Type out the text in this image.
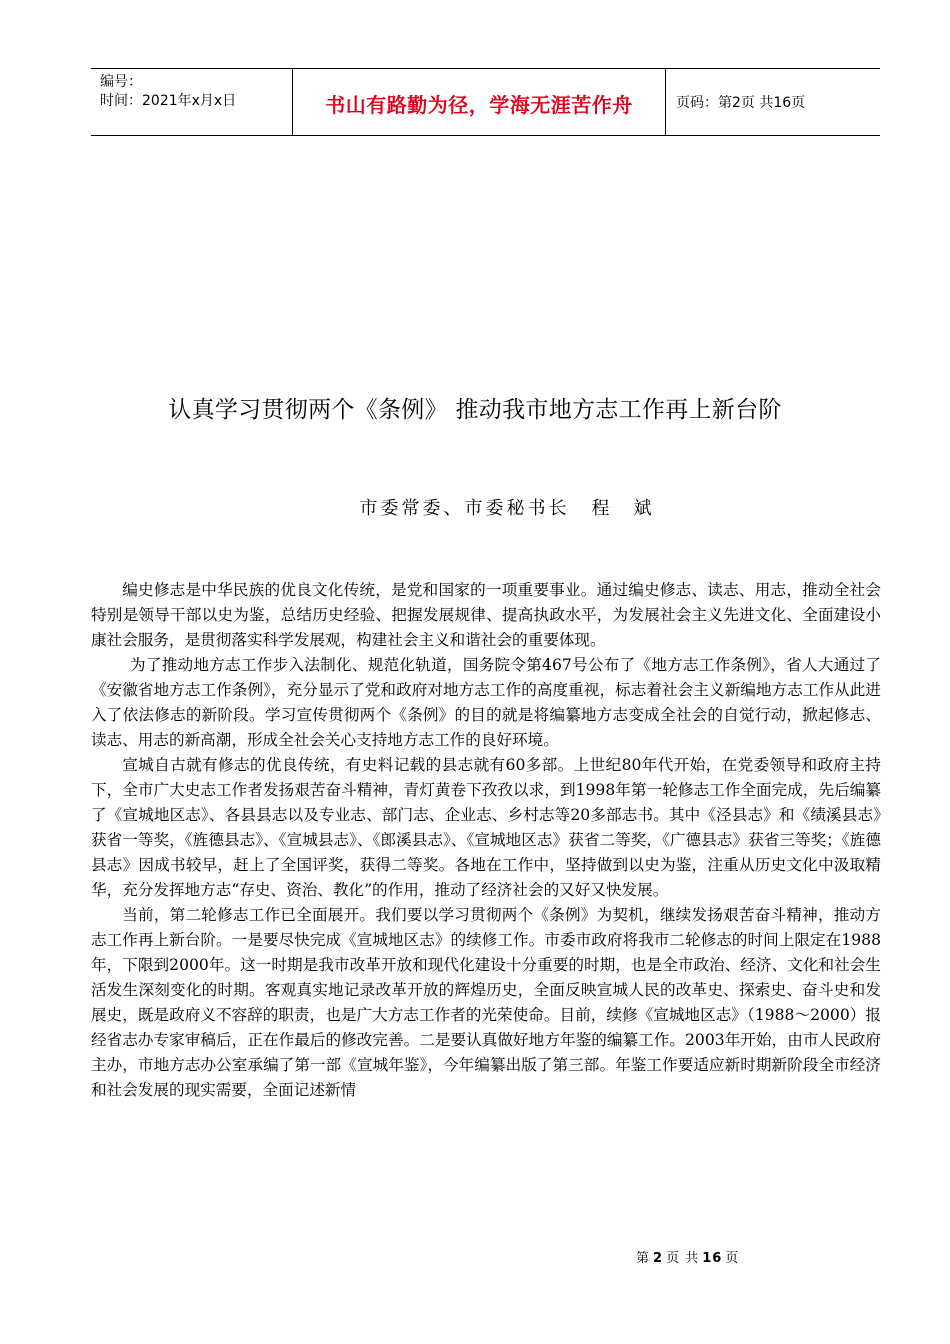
编号：
时间：2021年x月x日	书山有路勤为径，学海无涯苦作舟	页码：第2页 共16页
认真学习贯彻两个《条例》 推动我市地方志工作再上新台阶
市委常委、市委秘书长 程　斌

编史修志是中华民族的优良文化传统，是党和国家的一项重要事业。通过编史修志、读志、用志，推动全社会特别是领导干部以史为鉴，总结历史经验、把握发展规律、提高执政水平，为发展社会主义先进文化、全面建设小康社会服务，是贯彻落实科学发展观，构建社会主义和谐社会的重要体现。

为了推动地方志工作步入法制化、规范化轨道，国务院令第467号公布了《地方志工作条例》，省人大通过了《安徽省地方志工作条例》，充分显示了党和政府对地方志工作的高度重视，标志着社会主义新编地方志工作从此进入了依法修志的新阶段。学习宣传贯彻两个《条例》的目的就是将编纂地方志变成全社会的自觉行动，掀起修志、读志、用志的新高潮，形成全社会关心支持地方志工作的良好环境。

宣城自古就有修志的优良传统，有史料记载的县志就有60多部。上世纪80年代开始，在党委领导和政府主持下，全市广大史志工作者发扬艰苦奋斗精神，青灯黄卷下孜孜以求，到1998年第一轮修志工作全面完成，先后编纂了《宣城地区志》、各县县志以及专业志、部门志、企业志、乡村志等20多部志书。其中《泾县志》和《绩溪县志》获省一等奖，《旌德县志》、《宣城县志》、《郎溪县志》、《宣城地区志》获省二等奖，《广德县志》获省三等奖；《旌德县志》因成书较早，赶上了全国评奖，获得二等奖。各地在工作中，坚持做到以史为鉴，注重从历史文化中汲取精华，充分发挥地方志“存史、资治、教化”的作用，推动了经济社会的又好又快发展。

当前，第二轮修志工作已全面展开。我们要以学习贯彻两个《条例》为契机，继续发扬艰苦奋斗精神，推动方志工作再上新台阶。一是要尽快完成《宣城地区志》的续修工作。市委市政府将我市二轮修志的时间上限定在1988年，下限到2000年。这一时期是我市改革开放和现代化建设十分重要的时期，也是全市政治、经济、文化和社会生活发生深刻变化的时期。客观真实地记录改革开放的辉煌历史，全面反映宣城人民的改革史、探索史、奋斗史和发展史，既是政府义不容辞的职责，也是广大方志工作者的光荣使命。目前，续修《宣城地区志》（1988～2000）报经省志办专家审稿后，正在作最后的修改完善。二是要认真做好地方年鉴的编纂工作。2003年开始，由市人民政府主办，市地方志办公室承编了第一部《宣城年鉴》，今年编纂出版了第三部。年鉴工作要适应新时期新阶段全市经济和社会发展的现实需要，全面记述新情

第 2 页 共 16 页
